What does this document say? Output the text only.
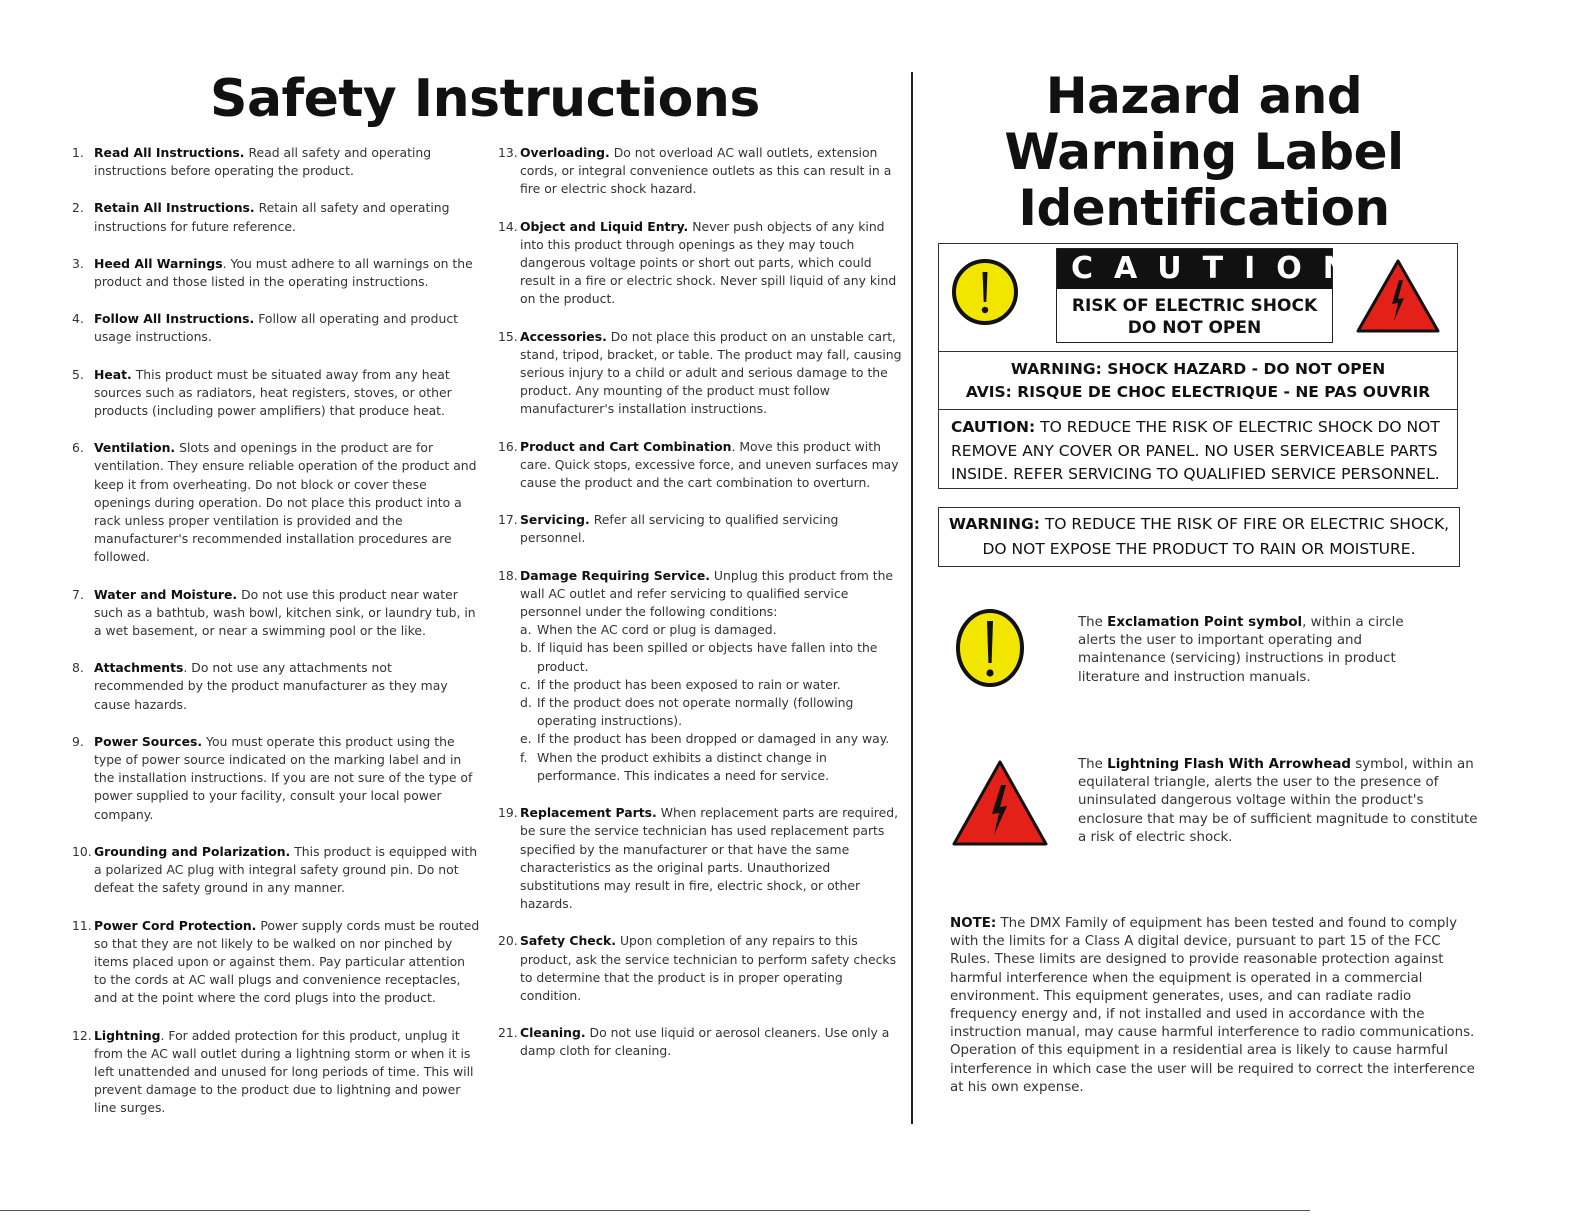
Safety Instructions	Hazard and Warning Label Identification
1. Read All Instructions. Read all safety and operating instructions before operating the product.
2. Retain All Instructions. Retain all safety and operating instructions for future reference.
3. Heed All Warnings. You must adhere to all warnings on the product and those listed in the operating instructions.
4. Follow All Instructions. Follow all operating and product usage instructions.
5. Heat. This product must be situated away from any heat sources such as radiators, heat registers, stoves, or other products (including power amplifiers) that produce heat.
6. Ventilation. Slots and openings in the product are for ventilation. They ensure reliable operation of the product and keep it from overheating. Do not block or cover these openings during operation. Do not place this product into a rack unless proper ventilation is provided and the manufacturer's recommended installation procedures are followed.
7. Water and Moisture. Do not use this product near water such as a bathtub, wash bowl, kitchen sink, or laundry tub, in a wet basement, or near a swimming pool or the like.
8. Attachments. Do not use any attachments not recommended by the product manufacturer as they may cause hazards.
9. Power Sources. You must operate this product using the type of power source indicated on the marking label and in the installation instructions. If you are not sure of the type of power supplied to your facility, consult your local power company.
10. Grounding and Polarization. This product is equipped with a polarized AC plug with integral safety ground pin. Do not defeat the safety ground in any manner.
11. Power Cord Protection. Power supply cords must be routed so that they are not likely to be walked on nor pinched by items placed upon or against them. Pay particular attention to the cords at AC wall plugs and convenience receptacles, and at the point where the cord plugs into the product.
12. Lightning. For added protection for this product, unplug it from the AC wall outlet during a lightning storm or when it is left unattended and unused for long periods of time. This will prevent damage to the product due to lightning and power line surges.
13. Overloading. Do not overload AC wall outlets, extension cords, or integral convenience outlets as this can result in a fire or electric shock hazard.
14. Object and Liquid Entry. Never push objects of any kind into this product through openings as they may touch dangerous voltage points or short out parts, which could result in a fire or electric shock. Never spill liquid of any kind on the product.
15. Accessories. Do not place this product on an unstable cart, stand, tripod, bracket, or table. The product may fall, causing serious injury to a child or adult and serious damage to the product. Any mounting of the product must follow manufacturer's installation instructions.
16. Product and Cart Combination. Move this product with care. Quick stops, excessive force, and uneven surfaces may cause the product and the cart combination to overturn.
17. Servicing. Refer all servicing to qualified servicing personnel.
18. Damage Requiring Service. Unplug this product from the wall AC outlet and refer servicing to qualified service personnel under the following conditions:
a. When the AC cord or plug is damaged.
b. If liquid has been spilled or objects have fallen into the product.
c. If the product has been exposed to rain or water.
d. If the product does not operate normally (following operating instructions).
e. If the product has been dropped or damaged in any way.
f. When the product exhibits a distinct change in performance. This indicates a need for service.
19. Replacement Parts. When replacement parts are required, be sure the service technician has used replacement parts specified by the manufacturer or that have the same characteristics as the original parts. Unauthorized substitutions may result in fire, electric shock, or other hazards.
20. Safety Check. Upon completion of any repairs to this product, ask the service technician to perform safety checks to determine that the product is in proper operating condition.
21. Cleaning. Do not use liquid or aerosol cleaners. Use only a damp cloth for cleaning.
CAUTION
RISK OF ELECTRIC SHOCK
DO NOT OPEN
WARNING: SHOCK HAZARD - DO NOT OPEN
AVIS: RISQUE DE CHOC ELECTRIQUE - NE PAS OUVRIR
CAUTION: TO REDUCE THE RISK OF ELECTRIC SHOCK DO NOT REMOVE ANY COVER OR PANEL. NO USER SERVICEABLE PARTS INSIDE. REFER SERVICING TO QUALIFIED SERVICE PERSONNEL.
WARNING: TO REDUCE THE RISK OF FIRE OR ELECTRIC SHOCK, DO NOT EXPOSE THE PRODUCT TO RAIN OR MOISTURE.
The Exclamation Point symbol, within a circle alerts the user to important operating and maintenance (servicing) instructions in product literature and instruction manuals.
The Lightning Flash With Arrowhead symbol, within an equilateral triangle, alerts the user to the presence of uninsulated dangerous voltage within the product's enclosure that may be of sufficient magnitude to constitute a risk of electric shock.
NOTE: The DMX Family of equipment has been tested and found to comply with the limits for a Class A digital device, pursuant to part 15 of the FCC Rules. These limits are designed to provide reasonable protection against harmful interference when the equipment is operated in a commercial environment. This equipment generates, uses, and can radiate radio frequency energy and, if not installed and used in accordance with the instruction manual, may cause harmful interference to radio communications. Operation of this equipment in a residential area is likely to cause harmful interference in which case the user will be required to correct the interference at his own expense.
